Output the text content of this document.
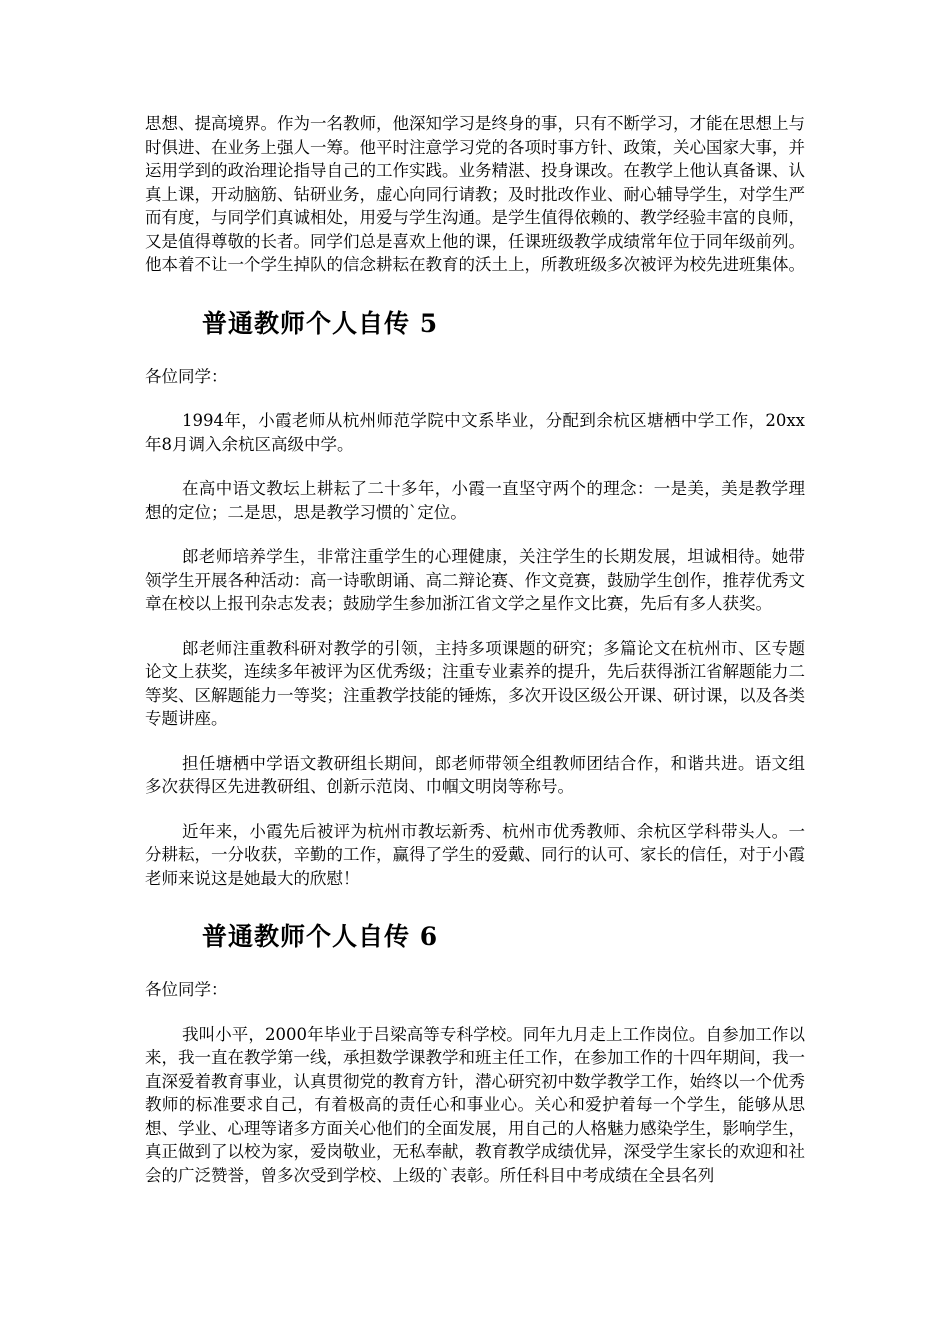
思想、提高境界。作为一名教师，他深知学习是终身的事，只有不断学习，才能在思想上与时俱进、在业务上强人一筹。他平时注意学习党的各项时事方针、政策，关心国家大事，并运用学到的政治理论指导自己的工作实践。业务精湛、投身课改。在教学上他认真备课、认真上课，开动脑筋、钻研业务，虚心向同行请教；及时批改作业、耐心辅导学生，对学生严而有度，与同学们真诚相处，用爱与学生沟通。是学生值得依赖的、教学经验丰富的良师，又是值得尊敬的长者。同学们总是喜欢上他的课，任课班级教学成绩常年位于同年级前列。他本着不让一个学生掉队的信念耕耘在教育的沃土上，所教班级多次被评为校先进班集体。

普通教师个人自传 5

各位同学：

1994年，小霞老师从杭州师范学院中文系毕业，分配到余杭区塘栖中学工作，20xx年8月调入余杭区高级中学。

在高中语文教坛上耕耘了二十多年，小霞一直坚守两个的理念：一是美，美是教学理想的定位；二是思，思是教学习惯的`定位。

郎老师培养学生，非常注重学生的心理健康，关注学生的长期发展，坦诚相待。她带领学生开展各种活动：高一诗歌朗诵、高二辩论赛、作文竞赛，鼓励学生创作，推荐优秀文章在校以上报刊杂志发表；鼓励学生参加浙江省文学之星作文比赛，先后有多人获奖。

郎老师注重教科研对教学的引领，主持多项课题的研究；多篇论文在杭州市、区专题论文上获奖，连续多年被评为区优秀级；注重专业素养的提升，先后获得浙江省解题能力二等奖、区解题能力一等奖；注重教学技能的锤炼，多次开设区级公开课、研讨课，以及各类专题讲座。

担任塘栖中学语文教研组长期间，郎老师带领全组教师团结合作，和谐共进。语文组多次获得区先进教研组、创新示范岗、巾帼文明岗等称号。

近年来，小霞先后被评为杭州市教坛新秀、杭州市优秀教师、余杭区学科带头人。一分耕耘，一分收获，辛勤的工作，赢得了学生的爱戴、同行的认可、家长的信任，对于小霞老师来说这是她最大的欣慰！

普通教师个人自传 6

各位同学：

我叫小平，2000年毕业于吕梁高等专科学校。同年九月走上工作岗位。自参加工作以来，我一直在教学第一线，承担数学课教学和班主任工作，在参加工作的十四年期间，我一直深爱着教育事业，认真贯彻党的教育方针，潜心研究初中数学教学工作，始终以一个优秀教师的标准要求自己，有着极高的责任心和事业心。关心和爱护着每一个学生，能够从思想、学业、心理等诸多方面关心他们的全面发展，用自己的人格魅力感染学生，影响学生，真正做到了以校为家，爱岗敬业，无私奉献，教育教学成绩优异，深受学生家长的欢迎和社会的广泛赞誉，曾多次受到学校、上级的`表彰。所任科目中考成绩在全县名列
